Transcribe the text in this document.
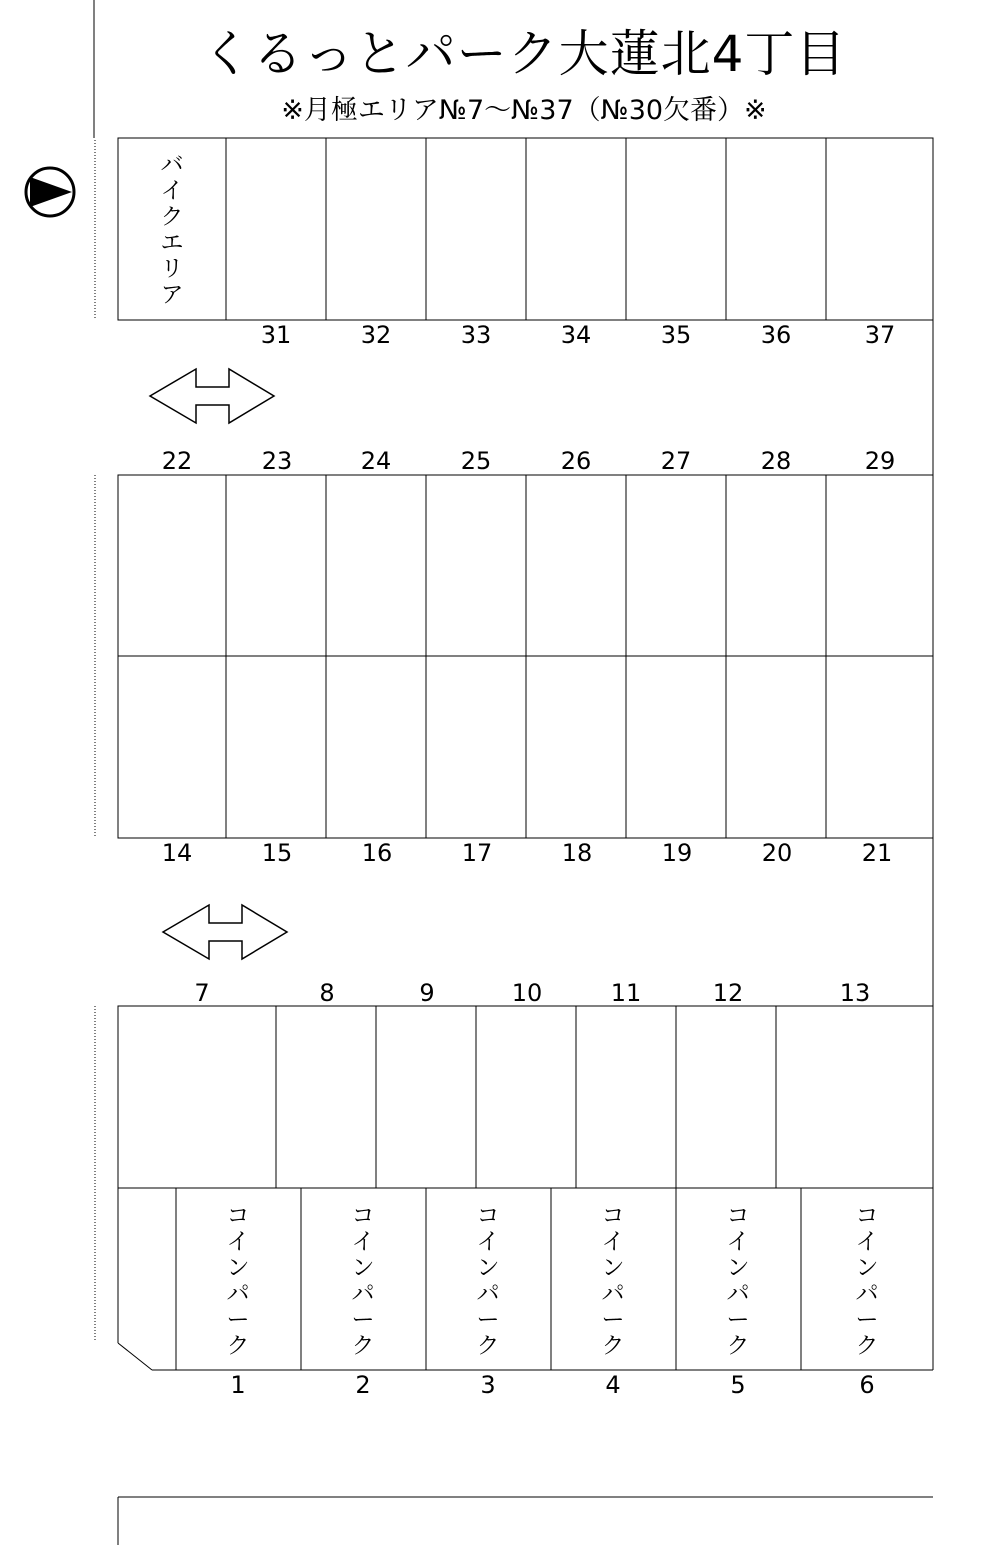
くるっとパーク大蓮北4丁目
※月極エリア№7～№37（№30欠番）※
N
バ
イ
ク
エ
リ
ア
31	32	33	34	35	36	37
22	23	24	25	26	27	28	29
14	15	16	17	18	19	20	21
7	8	9	10	11	12	13
1	2	3	4	5	6
コ
イ
ン
パ
ー
ク
コ
イ
ン
パ
ー
ク
コ
イ
ン
パ
ー
ク
コ
イ
ン
パ
ー
ク
コ
イ
ン
パ
ー
ク
コ
イ
ン
パ
ー
ク
